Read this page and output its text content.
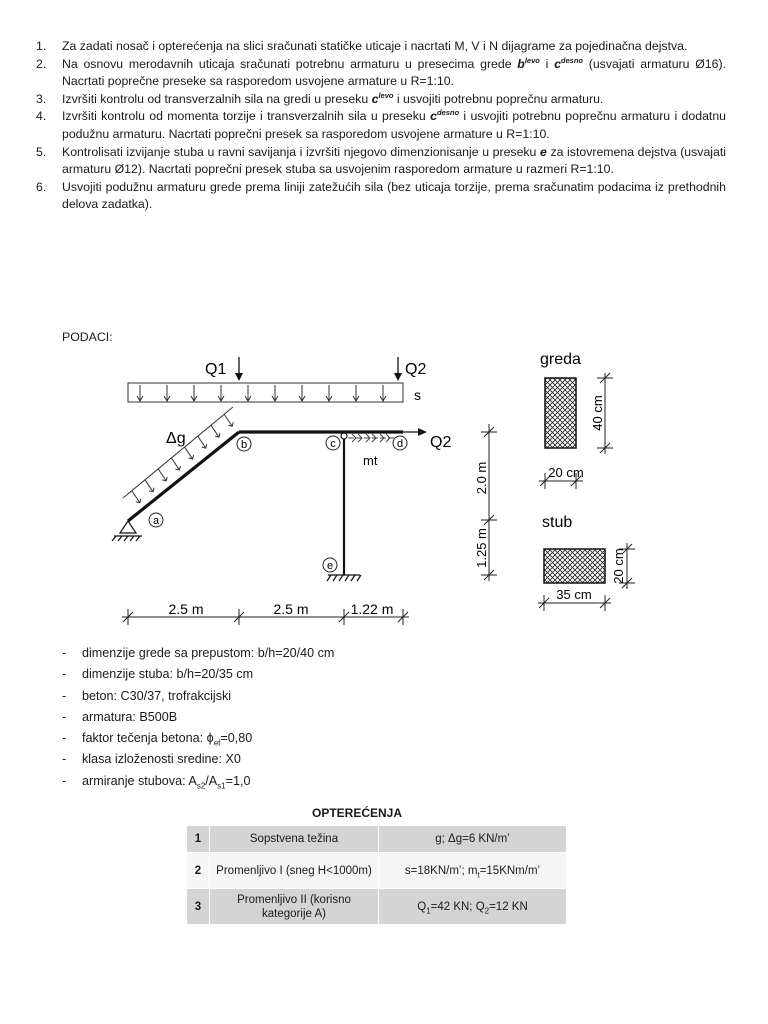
1. Za zadati nosač i opterećenja na slici sračunati statičke uticaje i nacrtati M, V i N dijagrame za pojedinačna dejstva.
2. Na osnovu merodavnih uticaja sračunati potrebnu armaturu u presecima grede $b^{levo}$ i $c^{desno}$ (usvajati armaturu Ø16). Nacrtati poprečne preseke sa rasporedom usvojene armature u R=1:10.
3. Izvršiti kontrolu od transverzalnih sila na gredi u preseku $c^{levo}$ i usvojiti potrebnu poprečnu armaturu.
4. Izvršiti kontrolu od momenta torzije i transverzalnih sila u preseku $c^{desno}$ i usvojiti potrebnu poprečnu armaturu i dodatnu podužnu armaturu. Nacrtati poprečni presek sa rasporedom usvojene armature u R=1:10.
5. Kontrolisati izvijanje stuba u ravni savijanja i izvršiti njegovo dimenzionisanje u preseku e za istovremena dejstva (usvajati armaturu Ø12). Nacrtati poprečni presek stuba sa usvojenim rasporedom armature u razmeri R=1:10.
6. Usvojiti podužnu armaturu grede prema liniji zatežućih sila (bez uticaja torzije, prema sračunatim podacima iz prethodnih delova zadatka).
PODACI:
Q1	Q2
Q2
s
Δg
mt
a
b	c	d
e
2.0 m
1.25 m
2.5 m	2.5 m	1.22 m
greda
40 cm
20 cm
stub
20 cm
35 cm
- dimenzije grede sa prepustom: b/h=20/40 cm
- dimenzije stuba: b/h=20/35 cm
- beton: C30/37, trofrakcijski
- armatura: B500B
- faktor tečenja betona: $\phi_{ef}=0,80$
- klasa izloženosti sredine: X0
- armiranje stubova: $A_{s2}/A_{s1}=1,0$
OPTEREĆENJA
1	Sopstvena težina	g; Δg=6 KN/m’
2	Promenljivo I (sneg H<1000m)	s=18KN/m’; $m_t=15KNm/m$’
3	Promenljivo II (korisno kategorije A)	$Q_1=42$ KN; $Q_2=12$ KN
